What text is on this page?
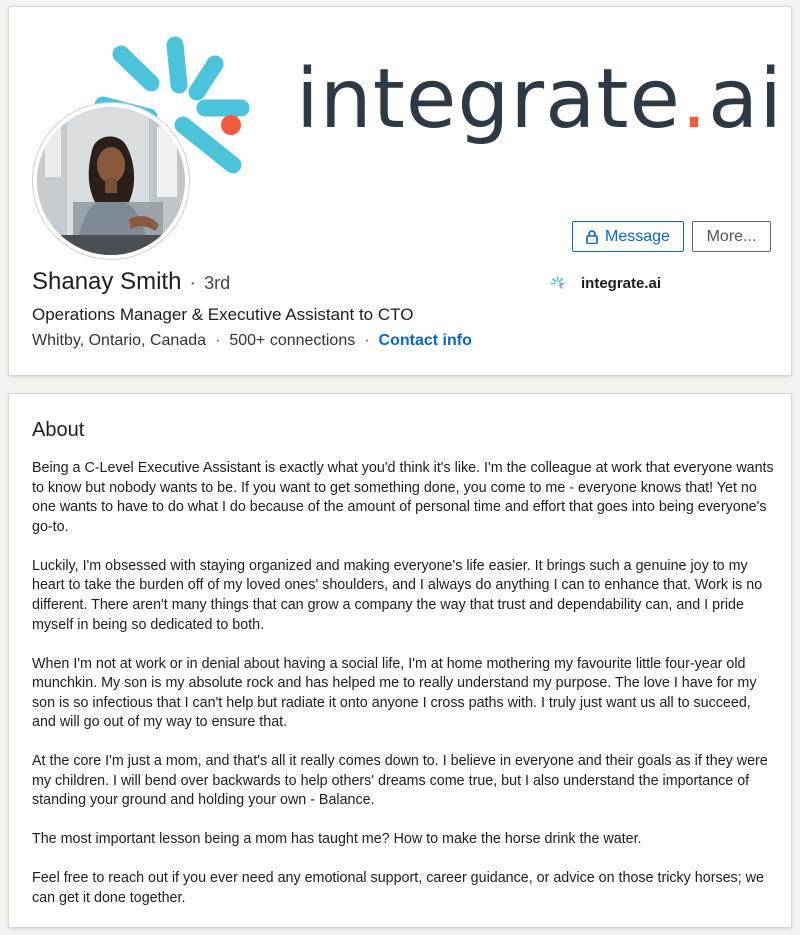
integrate.ai
Message More...
Shanay Smith · 3rd	integrate.ai
Operations Manager & Executive Assistant to CTO
Whitby, Ontario, Canada · 500+ connections · Contact info
About

Being a C-Level Executive Assistant is exactly what you'd think it's like. I'm the colleague at work that everyone wants to know but nobody wants to be. If you want to get something done, you come to me - everyone knows that! Yet no one wants to have to do what I do because of the amount of personal time and effort that goes into being everyone's go-to.

Luckily, I'm obsessed with staying organized and making everyone's life easier. It brings such a genuine joy to my heart to take the burden off of my loved ones' shoulders, and I always do anything I can to enhance that. Work is no different. There aren't many things that can grow a company the way that trust and dependability can, and I pride myself in being so dedicated to both.

When I'm not at work or in denial about having a social life, I'm at home mothering my favourite little four-year old munchkin. My son is my absolute rock and has helped me to really understand my purpose. The love I have for my son is so infectious that I can't help but radiate it onto anyone I cross paths with. I truly just want us all to succeed, and will go out of my way to ensure that.

At the core I'm just a mom, and that's all it really comes down to. I believe in everyone and their goals as if they were my children. I will bend over backwards to help others' dreams come true, but I also understand the importance of standing your ground and holding your own - Balance.

The most important lesson being a mom has taught me? How to make the horse drink the water.

Feel free to reach out if you ever need any emotional support, career guidance, or advice on those tricky horses; we can get it done together.
